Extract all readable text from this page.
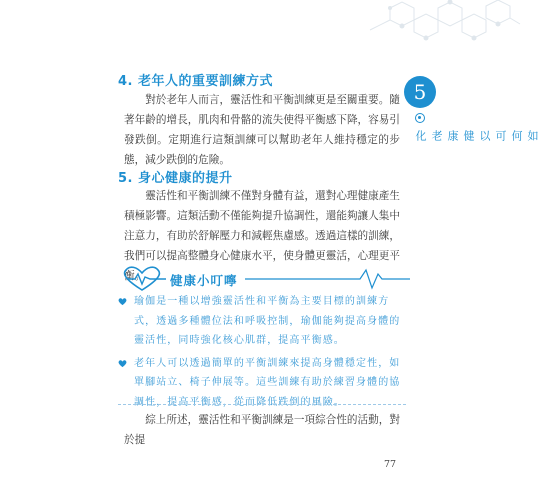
4. 老年人的重要訓練方式

對於老年人而言，靈活性和平衡訓練更是至關重要。隨著年齡的增長，肌肉和骨骼的流失使得平衡感下降，容易引發跌倒。定期進行這類訓練可以幫助老年人維持穩定的步態，減少跌倒的危險。

5. 身心健康的提升

靈活性和平衡訓練不僅對身體有益，還對心理健康產生積極影響。這類活動不僅能夠提升協調性，還能夠讓人集中注意力，有助於舒解壓力和減輕焦慮感。透過這樣的訓練，我們可以提高整體身心健康水平，使身體更靈活，心理更平衡。

5
如何可以健康老化
健康小叮嚀
瑜伽是一種以增強靈活性和平衡為主要目標的訓練方式，透過多種體位法和呼吸控制，瑜伽能夠提高身體的靈活性，同時強化核心肌群，提高平衡感。
老年人可以透過簡單的平衡訓練來提高身體穩定性，如單腳站立、椅子伸展等。這些訓練有助於練習身體的協調性，提高平衡感，從而降低跌倒的風險。

綜上所述，靈活性和平衡訓練是一項綜合性的活動，對於提

77
